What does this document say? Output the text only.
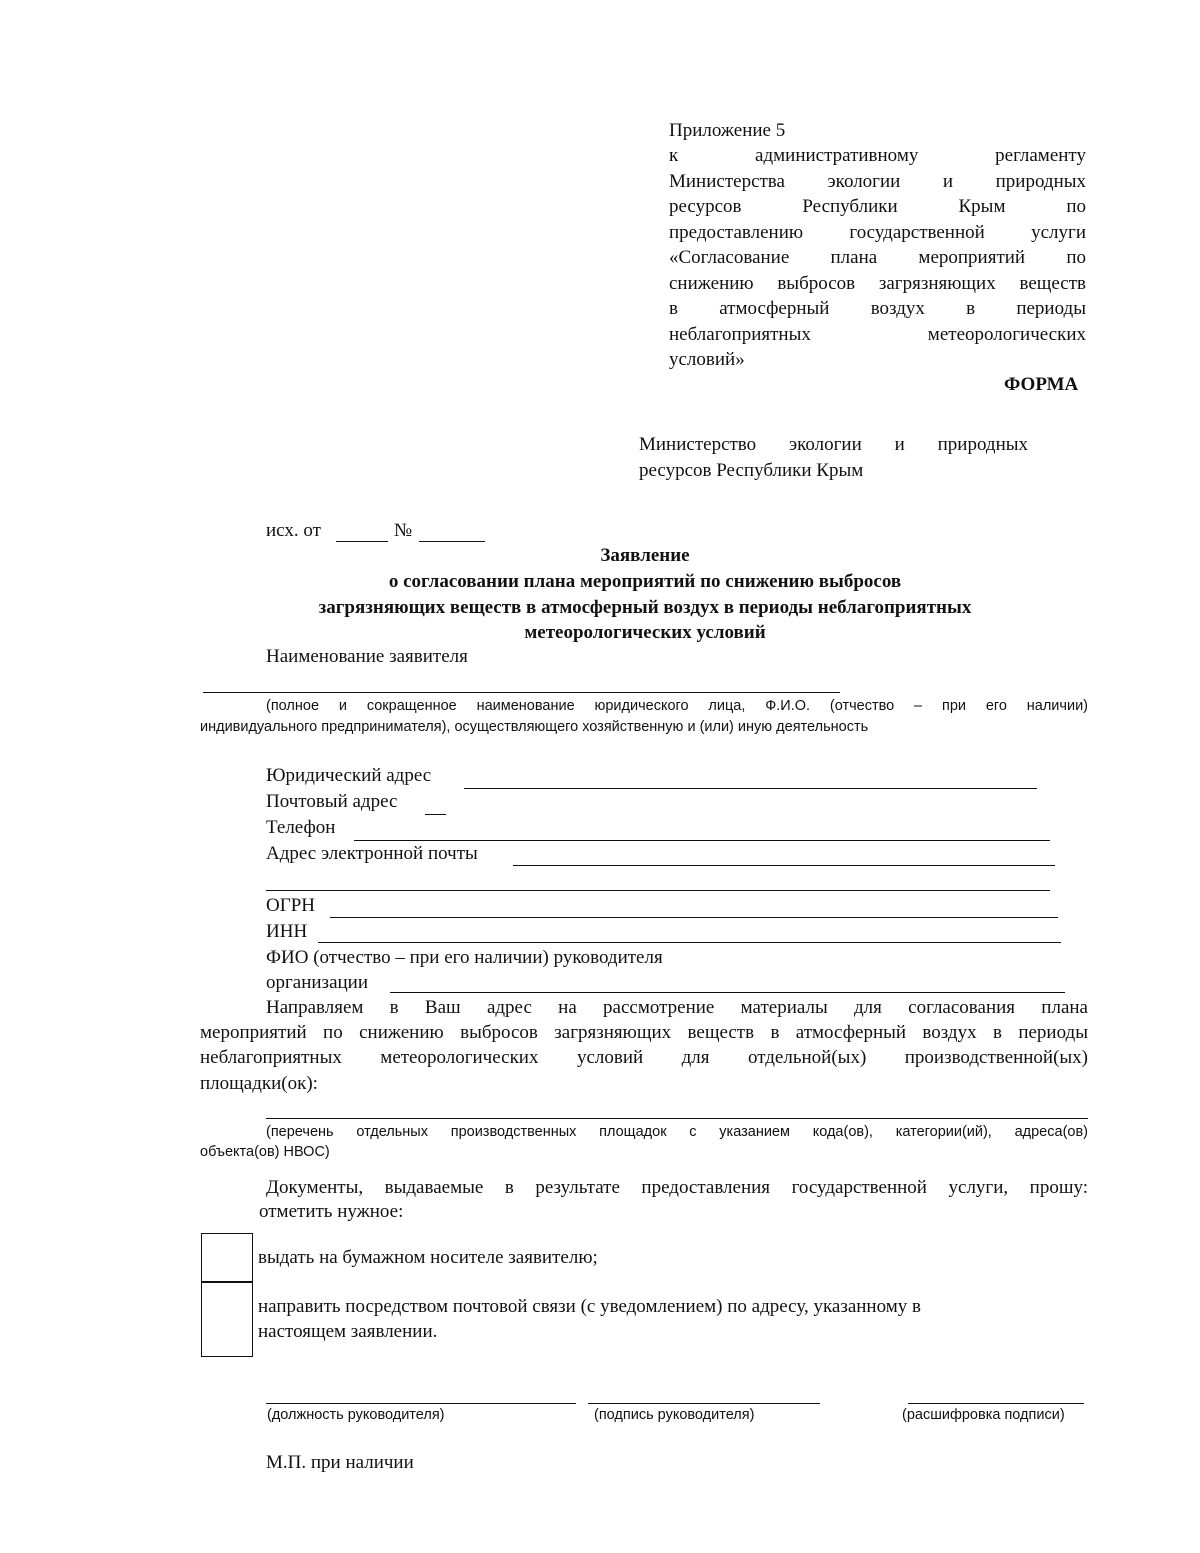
Приложение 5
к административному регламенту
Министерства экологии и природных
ресурсов Республики Крым по
предоставлению государственной услуги
«Согласование плана мероприятий по
снижению выбросов загрязняющих веществ
в атмосферный воздух в периоды
неблагоприятных метеорологических
условий»
ФОРМА
Министерство экологии и природных
ресурсов Республики Крым
исх. от	№
Заявление
о согласовании плана мероприятий по снижению выбросов
загрязняющих веществ в атмосферный воздух в периоды неблагоприятных
метеорологических условий
Наименование заявителя
(полное и сокращенное наименование юридического лица, Ф.И.О. (отчество – при его наличии)
индивидуального предпринимателя), осуществляющего хозяйственную и (или) иную деятельность
Юридический адрес
Почтовый адрес
Телефон
Адрес электронной почты
ОГРН
ИНН
ФИО (отчество – при его наличии) руководителя
организации
Направляем в Ваш адрес на рассмотрение материалы для согласования плана
мероприятий по снижению выбросов загрязняющих веществ в атмосферный воздух в периоды
неблагоприятных метеорологических условий для отдельной(ых) производственной(ых)
площадки(ок):
(перечень отдельных производственных площадок с указанием кода(ов), категории(ий), адреса(ов)
объекта(ов) НВОС)
Документы, выдаваемые в результате предоставления государственной услуги, прошу:
отметить нужное:
выдать на бумажном носителе заявителю;
направить посредством почтовой связи (с уведомлением) по адресу, указанному в
настоящем заявлении.
(должность руководителя)	(подпись руководителя)	(расшифровка подписи)
М.П. при наличии
